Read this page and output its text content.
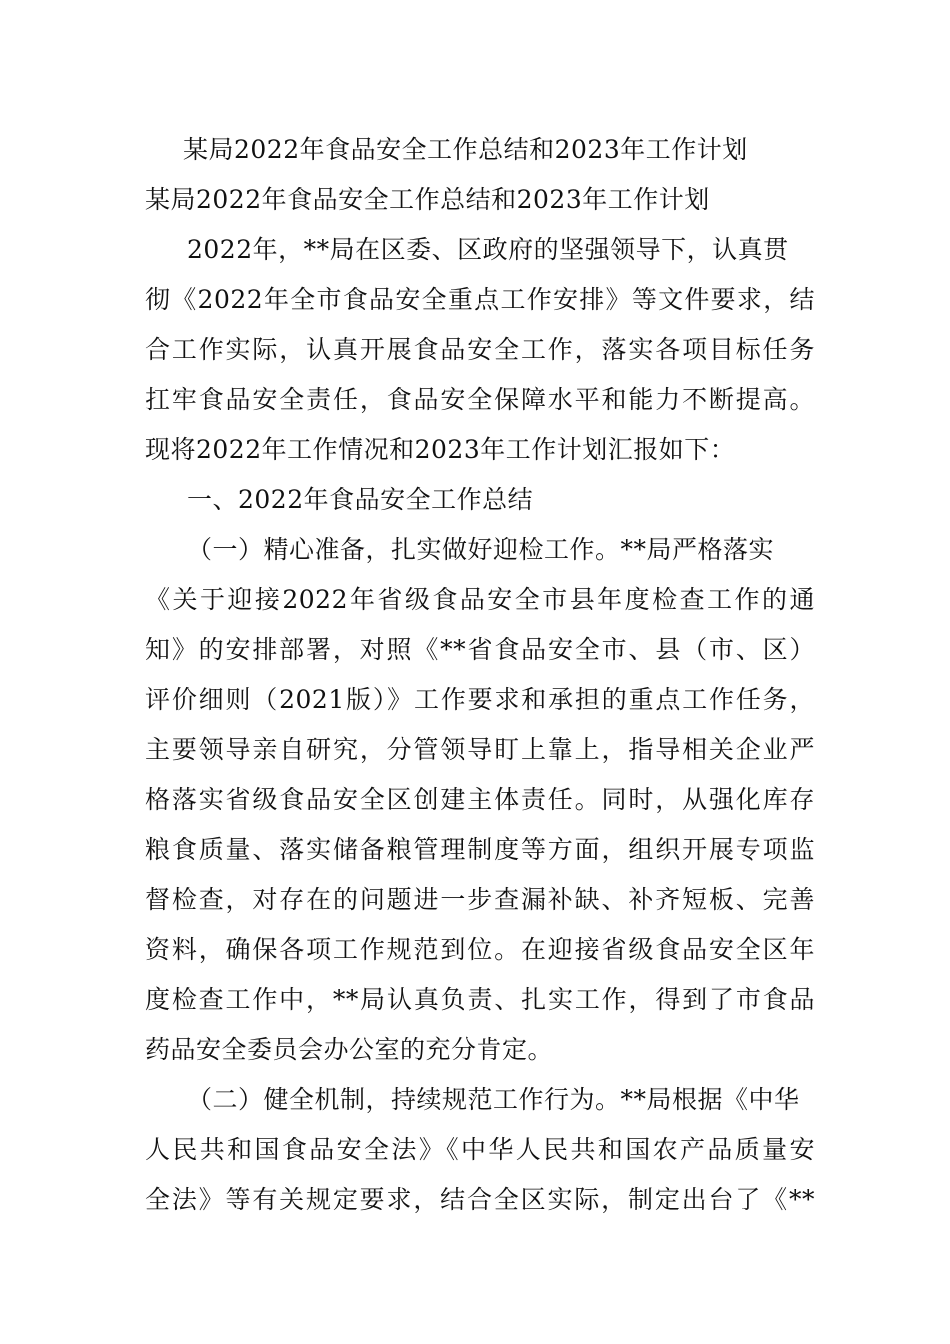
某局2022年食品安全工作总结和2023年工作计划
某局2022年食品安全工作总结和2023年工作计划
2022年，**局在区委、区政府的坚强领导下，认真贯
彻《2022年全市食品安全重点工作安排》等文件要求，结
合工作实际，认真开展食品安全工作，落实各项目标任务
扛牢食品安全责任，食品安全保障水平和能力不断提高。
现将2022年工作情况和2023年工作计划汇报如下：
一、2022年食品安全工作总结
（一）精心准备，扎实做好迎检工作。**局严格落实
《关于迎接2022年省级食品安全市县年度检查工作的通
知》的安排部署，对照《**省食品安全市、县（市、区）
评价细则（2021版）》工作要求和承担的重点工作任务，
主要领导亲自研究，分管领导盯上靠上，指导相关企业严
格落实省级食品安全区创建主体责任。同时，从强化库存
粮食质量、落实储备粮管理制度等方面，组织开展专项监
督检查，对存在的问题进一步查漏补缺、补齐短板、完善
资料，确保各项工作规范到位。在迎接省级食品安全区年
度检查工作中，**局认真负责、扎实工作，得到了市食品
药品安全委员会办公室的充分肯定。
（二）健全机制，持续规范工作行为。**局根据《中华
人民共和国食品安全法》《中华人民共和国农产品质量安
全法》等有关规定要求，结合全区实际，制定出台了《**
